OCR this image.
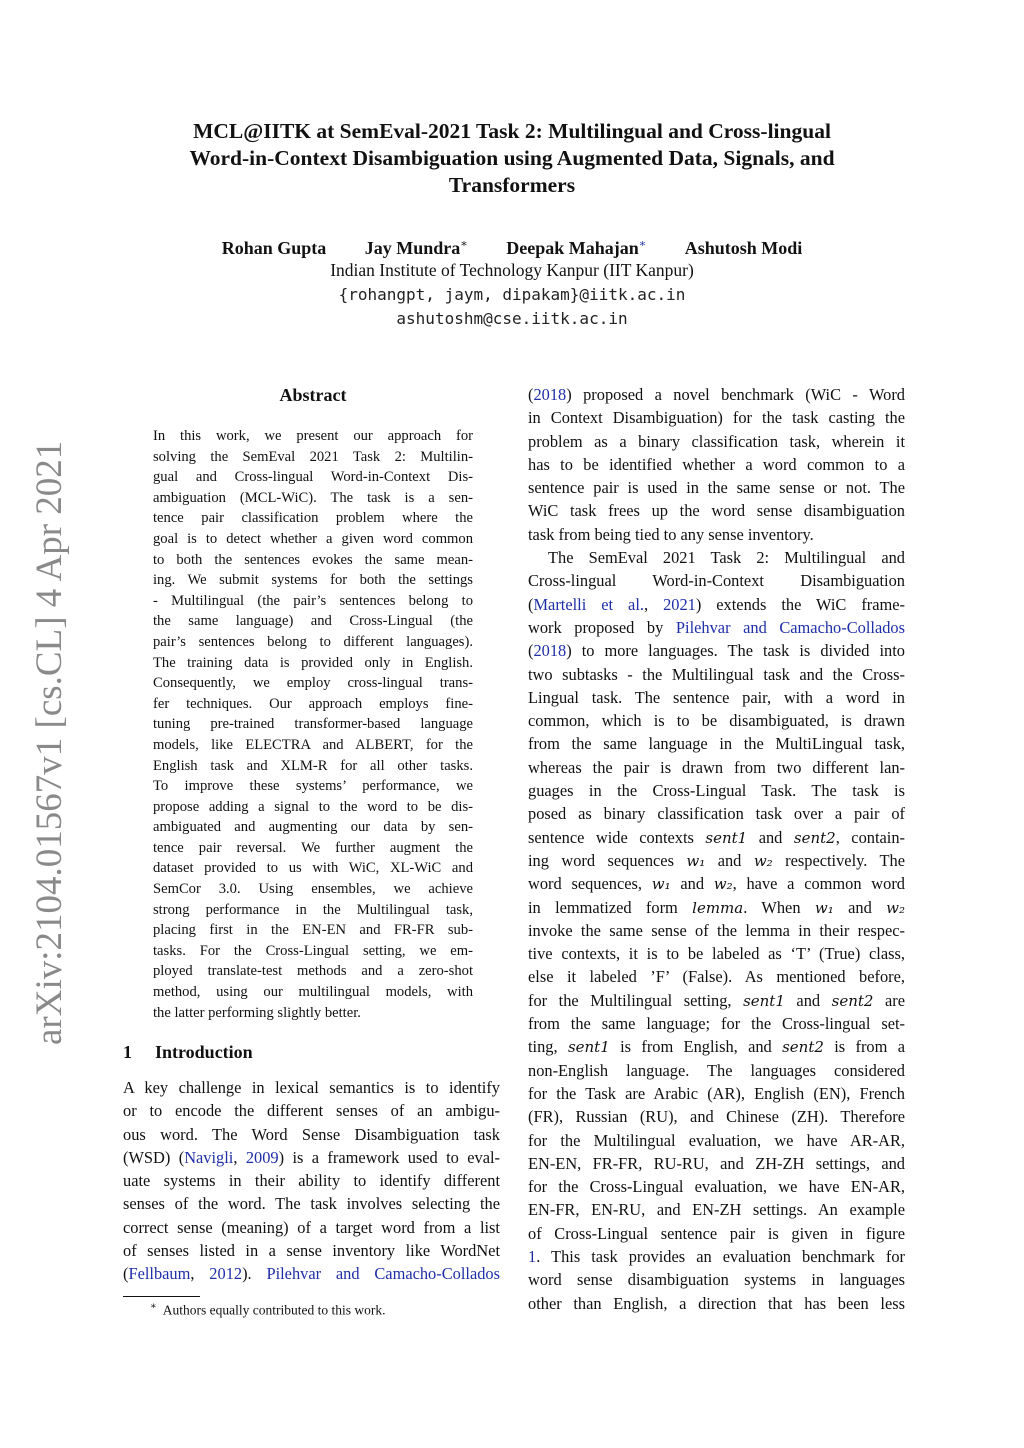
MCL@IITK at SemEval-2021 Task 2: Multilingual and Cross-lingual
Word-in-Context Disambiguation using Augmented Data, Signals, and
Transformers
Rohan Gupta Jay Mundra∗ Deepak Mahajan∗ Ashutosh Modi
Indian Institute of Technology Kanpur (IIT Kanpur)
{rohangpt, jaym, dipakam}@iitk.ac.in
ashutoshm@cse.iitk.ac.in
arXiv:2104.01567v1 [cs.CL] 4 Apr 2021
Abstract
In this work, we present our approach for
solving the SemEval 2021 Task 2: Multilin-
gual and Cross-lingual Word-in-Context Dis-
ambiguation (MCL-WiC). The task is a sen-
tence pair classification problem where the
goal is to detect whether a given word common
to both the sentences evokes the same mean-
ing. We submit systems for both the settings
- Multilingual (the pair’s sentences belong to
the same language) and Cross-Lingual (the
pair’s sentences belong to different languages).
The training data is provided only in English.
Consequently, we employ cross-lingual trans-
fer techniques. Our approach employs fine-
tuning pre-trained transformer-based language
models, like ELECTRA and ALBERT, for the
English task and XLM-R for all other tasks.
To improve these systems’ performance, we
propose adding a signal to the word to be dis-
ambiguated and augmenting our data by sen-
tence pair reversal. We further augment the
dataset provided to us with WiC, XL-WiC and
SemCor 3.0. Using ensembles, we achieve
strong performance in the Multilingual task,
placing first in the EN-EN and FR-FR sub-
tasks. For the Cross-Lingual setting, we em-
ployed translate-test methods and a zero-shot
method, using our multilingual models, with
the latter performing slightly better.
1 Introduction
A key challenge in lexical semantics is to identify
or to encode the different senses of an ambigu-
ous word. The Word Sense Disambiguation task
(WSD) (Navigli, 2009) is a framework used to eval-
uate systems in their ability to identify different
senses of the word. The task involves selecting the
correct sense (meaning) of a target word from a list
of senses listed in a sense inventory like WordNet
(Fellbaum, 2012). Pilehvar and Camacho-Collados
(2018) proposed a novel benchmark (WiC - Word
in Context Disambiguation) for the task casting the
problem as a binary classification task, wherein it
has to be identified whether a word common to a
sentence pair is used in the same sense or not. The
WiC task frees up the word sense disambiguation
task from being tied to any sense inventory.
The SemEval 2021 Task 2: Multilingual and
Cross-lingual Word-in-Context Disambiguation
(Martelli et al., 2021) extends the WiC frame-
work proposed by Pilehvar and Camacho-Collados
(2018) to more languages. The task is divided into
two subtasks - the Multilingual task and the Cross-
Lingual task. The sentence pair, with a word in
common, which is to be disambiguated, is drawn
from the same language in the MultiLingual task,
whereas the pair is drawn from two different lan-
guages in the Cross-Lingual Task. The task is
posed as binary classification task over a pair of
sentence wide contexts sent1 and sent2, contain-
ing word sequences w₁ and w₂ respectively. The
word sequences, w₁ and w₂, have a common word
in lemmatized form lemma. When w₁ and w₂
invoke the same sense of the lemma in their respec-
tive contexts, it is to be labeled as ‘T’ (True) class,
else it labeled ’F’ (False). As mentioned before,
for the Multilingual setting, sent1 and sent2 are
from the same language; for the Cross-lingual set-
ting, sent1 is from English, and sent2 is from a
non-English language. The languages considered
for the Task are Arabic (AR), English (EN), French
(FR), Russian (RU), and Chinese (ZH). Therefore
for the Multilingual evaluation, we have AR-AR,
EN-EN, FR-FR, RU-RU, and ZH-ZH settings, and
for the Cross-Lingual evaluation, we have EN-AR,
EN-FR, EN-RU, and EN-ZH settings. An example
of Cross-Lingual sentence pair is given in figure
1. This task provides an evaluation benchmark for
word sense disambiguation systems in languages
other than English, a direction that has been less
∗ Authors equally contributed to this work.
